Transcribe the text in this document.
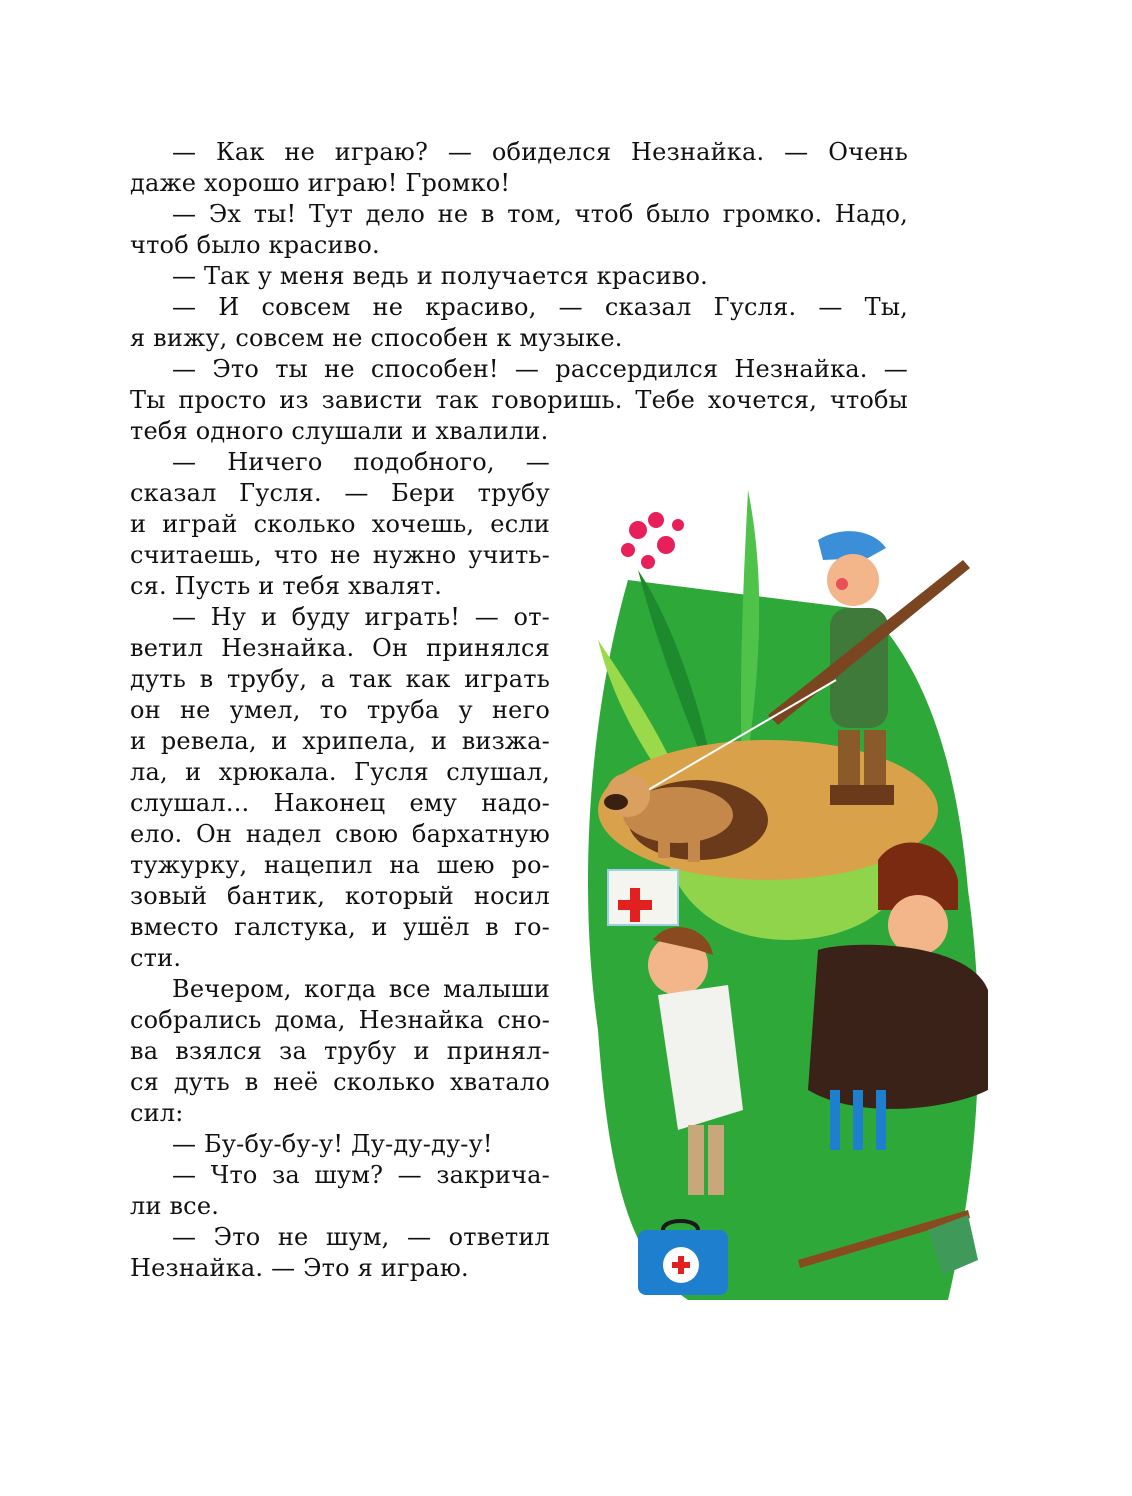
— Как не играю? — обиделся Незнайка. — Очень
даже хорошо играю! Громко!
— Эх ты! Тут дело не в том, чтоб было громко. Надо,
чтоб было красиво.
— Так у меня ведь и получается красиво.
— И совсем не красиво, — сказал Гусля. — Ты,
я вижу, совсем не способен к музыке.
— Это ты не способен! — рассердился Незнайка. —
Ты просто из зависти так говоришь. Тебе хочется, чтобы
тебя одного слушали и хвалили.
— Ничего подобного, —
сказал Гусля. — Бери трубу
и играй сколько хочешь, если
считаешь, что не нужно учить-
ся. Пусть и тебя хвалят.
— Ну и буду играть! — от-
ветил Незнайка. Он принялся
дуть в трубу, а так как играть
он не умел, то труба у него
и ревела, и хрипела, и визжа-
ла, и хрюкала. Гусля слушал,
слушал... Наконец ему надо-
ело. Он надел свою бархатную
тужурку, нацепил на шею ро-
зовый бантик, который носил
вместо галстука, и ушёл в го-
сти.
Вечером, когда все малыши
собрались дома, Незнайка сно-
ва взялся за трубу и принял-
ся дуть в неё сколько хватало
сил:
— Бу-бу-бу-у! Ду-ду-ду-у!
— Что за шум? — закрича-
ли все.
— Это не шум, — ответил
Незнайка. — Это я играю.
